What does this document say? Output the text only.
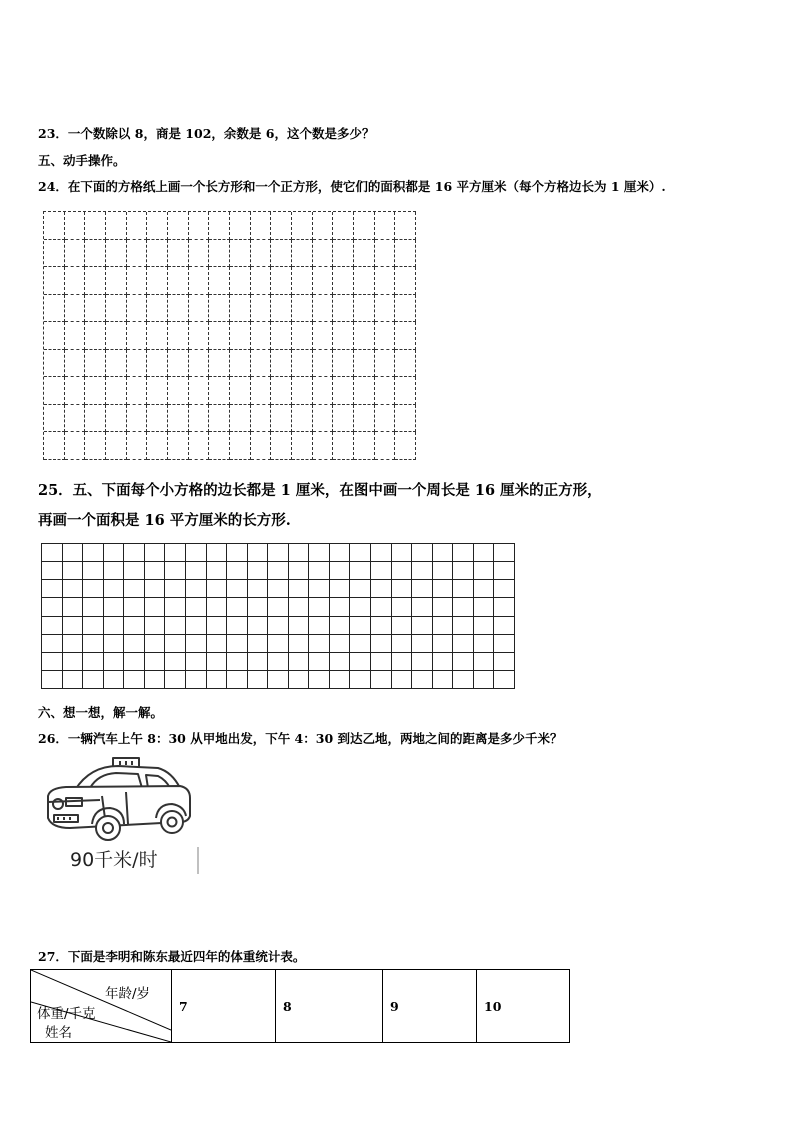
23．一个数除以 8，商是 102，余数是 6，这个数是多少？
五、动手操作。
24．在下面的方格纸上画一个长方形和一个正方形，使它们的面积都是 16 平方厘米（每个方格边长为 1 厘米）.
25．五、下面每个小方格的边长都是 1 厘米，在图中画一个周长是 16 厘米的正方形，
再画一个面积是 16 平方厘米的长方形.
六、想一想，解一解。
26．一辆汽车上午 8：30 从甲地出发，下午 4：30 到达乙地，两地之间的距离是多少千米？
90千米/时
27．下面是李明和陈东最近四年的体重统计表。
年龄/岁
体重/千克
姓名
	7	8	9	10
